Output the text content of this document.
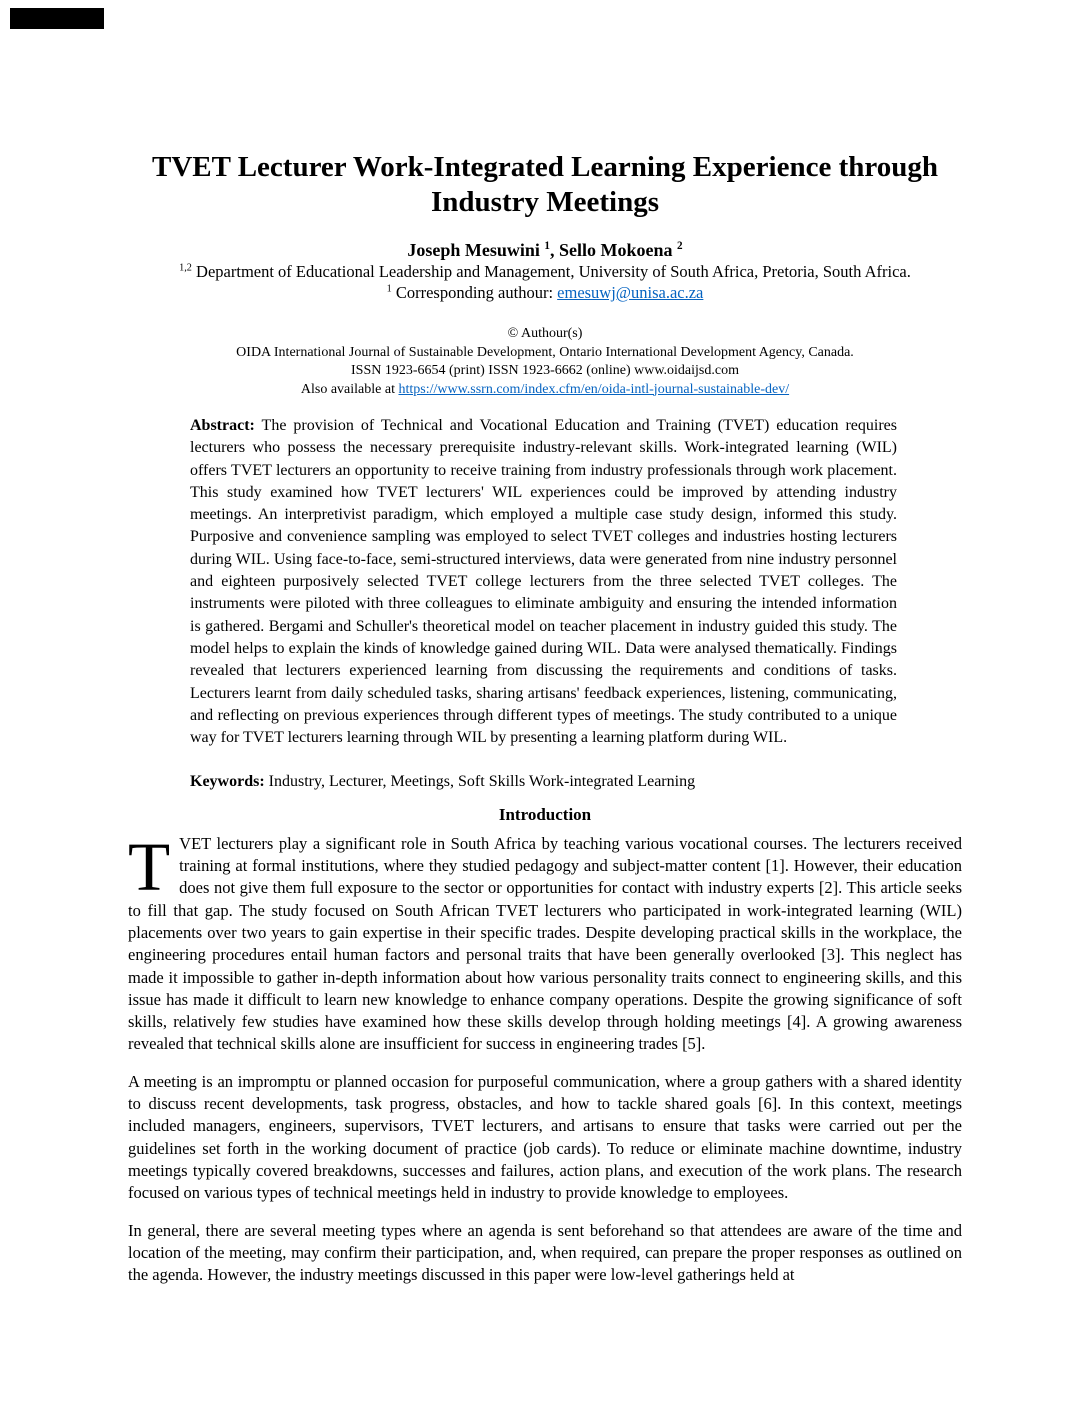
TVET Lecturer Work-Integrated Learning Experience through
Industry Meetings
Joseph Mesuwini $^1$, Sello Mokoena $^2$
$^{1,2}$ Department of Educational Leadership and Management, University of South Africa, Pretoria, South Africa.
$^1$ Corresponding authour: emesuwj@unisa.ac.za
© Authour(s)
OIDA International Journal of Sustainable Development, Ontario International Development Agency, Canada.
ISSN 1923-6654 (print) ISSN 1923-6662 (online) www.oidaijsd.com
Also available at https://www.ssrn.com/index.cfm/en/oida-intl-journal-sustainable-dev/
Abstract: The provision of Technical and Vocational Education and Training (TVET) education requires lecturers who possess the necessary prerequisite industry-relevant skills. Work-integrated learning (WIL) offers TVET lecturers an opportunity to receive training from industry professionals through work placement. This study examined how TVET lecturers' WIL experiences could be improved by attending industry meetings. An interpretivist paradigm, which employed a multiple case study design, informed this study. Purposive and convenience sampling was employed to select TVET colleges and industries hosting lecturers during WIL. Using face-to-face, semi-structured interviews, data were generated from nine industry personnel and eighteen purposively selected TVET college lecturers from the three selected TVET colleges. The instruments were piloted with three colleagues to eliminate ambiguity and ensuring the intended information is gathered. Bergami and Schuller's theoretical model on teacher placement in industry guided this study. The model helps to explain the kinds of knowledge gained during WIL. Data were analysed thematically. Findings revealed that lecturers experienced learning from discussing the requirements and conditions of tasks. Lecturers learnt from daily scheduled tasks, sharing artisans' feedback experiences, listening, communicating, and reflecting on previous experiences through different types of meetings. The study contributed to a unique way for TVET lecturers learning through WIL by presenting a learning platform during WIL.
Keywords: Industry, Lecturer, Meetings, Soft Skills Work-integrated Learning
Introduction

TVET lecturers play a significant role in South Africa by teaching various vocational courses. The lecturers received training at formal institutions, where they studied pedagogy and subject-matter content [1]. However, their education does not give them full exposure to the sector or opportunities for contact with industry experts [2]. This article seeks to fill that gap. The study focused on South African TVET lecturers who participated in work-integrated learning (WIL) placements over two years to gain expertise in their specific trades. Despite developing practical skills in the workplace, the engineering procedures entail human factors and personal traits that have been generally overlooked [3]. This neglect has made it impossible to gather in-depth information about how various personality traits connect to engineering skills, and this issue has made it difficult to learn new knowledge to enhance company operations. Despite the growing significance of soft skills, relatively few studies have examined how these skills develop through holding meetings [4]. A growing awareness revealed that technical skills alone are insufficient for success in engineering trades [5].

A meeting is an impromptu or planned occasion for purposeful communication, where a group gathers with a shared identity to discuss recent developments, task progress, obstacles, and how to tackle shared goals [6]. In this context, meetings included managers, engineers, supervisors, TVET lecturers, and artisans to ensure that tasks were carried out per the guidelines set forth in the working document of practice (job cards). To reduce or eliminate machine downtime, industry meetings typically covered breakdowns, successes and failures, action plans, and execution of the work plans. The research focused on various types of technical meetings held in industry to provide knowledge to employees.

In general, there are several meeting types where an agenda is sent beforehand so that attendees are aware of the time and location of the meeting, may confirm their participation, and, when required, can prepare the proper responses as outlined on the agenda. However, the industry meetings discussed in this paper were low-level gatherings held at
